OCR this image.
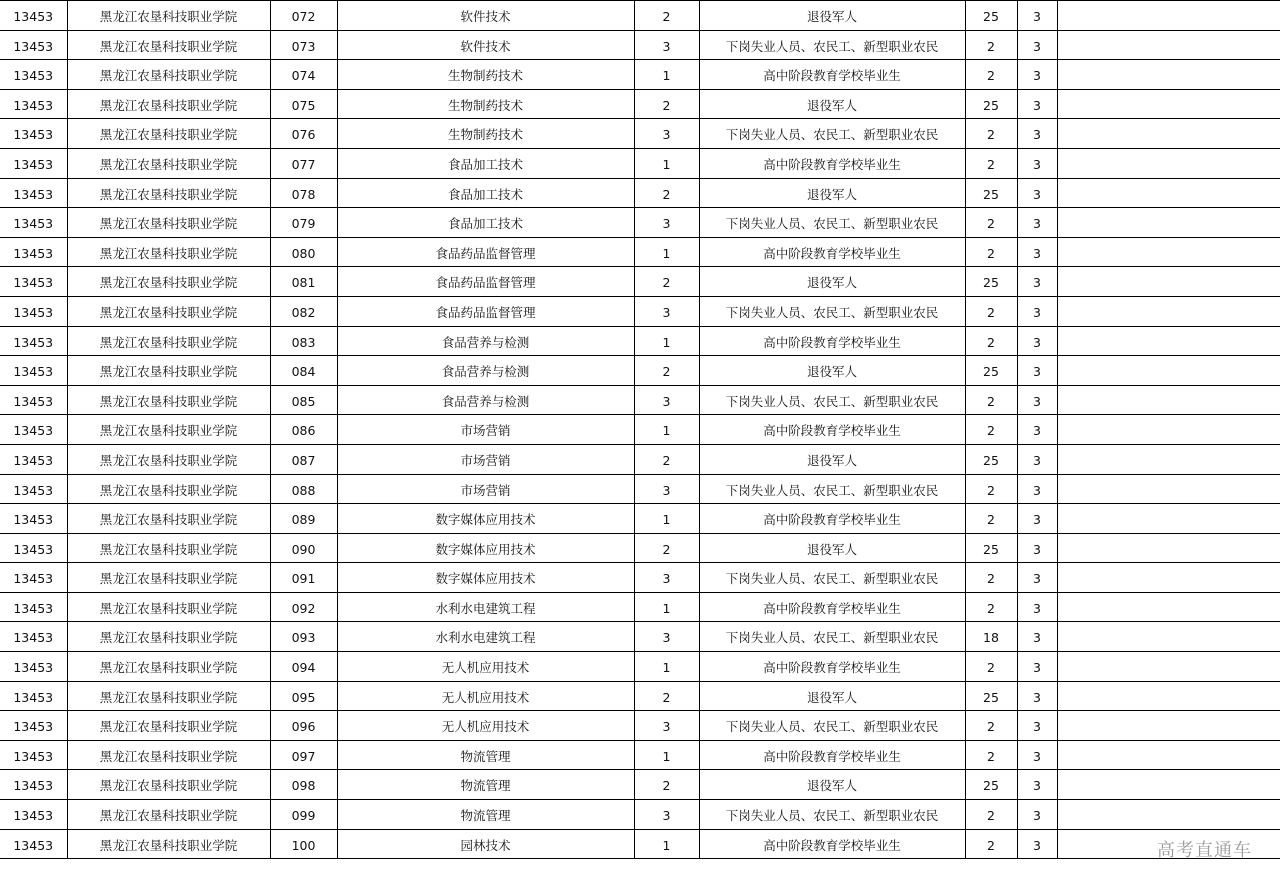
13453	黑龙江农垦科技职业学院	072	软件技术	2	退役军人	25	3	
13453	黑龙江农垦科技职业学院	073	软件技术	3	下岗失业人员、农民工、新型职业农民	2	3	
13453	黑龙江农垦科技职业学院	074	生物制药技术	1	高中阶段教育学校毕业生	2	3	
13453	黑龙江农垦科技职业学院	075	生物制药技术	2	退役军人	25	3	
13453	黑龙江农垦科技职业学院	076	生物制药技术	3	下岗失业人员、农民工、新型职业农民	2	3	
13453	黑龙江农垦科技职业学院	077	食品加工技术	1	高中阶段教育学校毕业生	2	3	
13453	黑龙江农垦科技职业学院	078	食品加工技术	2	退役军人	25	3	
13453	黑龙江农垦科技职业学院	079	食品加工技术	3	下岗失业人员、农民工、新型职业农民	2	3	
13453	黑龙江农垦科技职业学院	080	食品药品监督管理	1	高中阶段教育学校毕业生	2	3	
13453	黑龙江农垦科技职业学院	081	食品药品监督管理	2	退役军人	25	3	
13453	黑龙江农垦科技职业学院	082	食品药品监督管理	3	下岗失业人员、农民工、新型职业农民	2	3	
13453	黑龙江农垦科技职业学院	083	食品营养与检测	1	高中阶段教育学校毕业生	2	3	
13453	黑龙江农垦科技职业学院	084	食品营养与检测	2	退役军人	25	3	
13453	黑龙江农垦科技职业学院	085	食品营养与检测	3	下岗失业人员、农民工、新型职业农民	2	3	
13453	黑龙江农垦科技职业学院	086	市场营销	1	高中阶段教育学校毕业生	2	3	
13453	黑龙江农垦科技职业学院	087	市场营销	2	退役军人	25	3	
13453	黑龙江农垦科技职业学院	088	市场营销	3	下岗失业人员、农民工、新型职业农民	2	3	
13453	黑龙江农垦科技职业学院	089	数字媒体应用技术	1	高中阶段教育学校毕业生	2	3	
13453	黑龙江农垦科技职业学院	090	数字媒体应用技术	2	退役军人	25	3	
13453	黑龙江农垦科技职业学院	091	数字媒体应用技术	3	下岗失业人员、农民工、新型职业农民	2	3	
13453	黑龙江农垦科技职业学院	092	水利水电建筑工程	1	高中阶段教育学校毕业生	2	3	
13453	黑龙江农垦科技职业学院	093	水利水电建筑工程	3	下岗失业人员、农民工、新型职业农民	18	3	
13453	黑龙江农垦科技职业学院	094	无人机应用技术	1	高中阶段教育学校毕业生	2	3	
13453	黑龙江农垦科技职业学院	095	无人机应用技术	2	退役军人	25	3	
13453	黑龙江农垦科技职业学院	096	无人机应用技术	3	下岗失业人员、农民工、新型职业农民	2	3	
13453	黑龙江农垦科技职业学院	097	物流管理	1	高中阶段教育学校毕业生	2	3	
13453	黑龙江农垦科技职业学院	098	物流管理	2	退役军人	25	3	
13453	黑龙江农垦科技职业学院	099	物流管理	3	下岗失业人员、农民工、新型职业农民	2	3	
13453	黑龙江农垦科技职业学院	100	园林技术	1	高中阶段教育学校毕业生	2	3		高考直通车
